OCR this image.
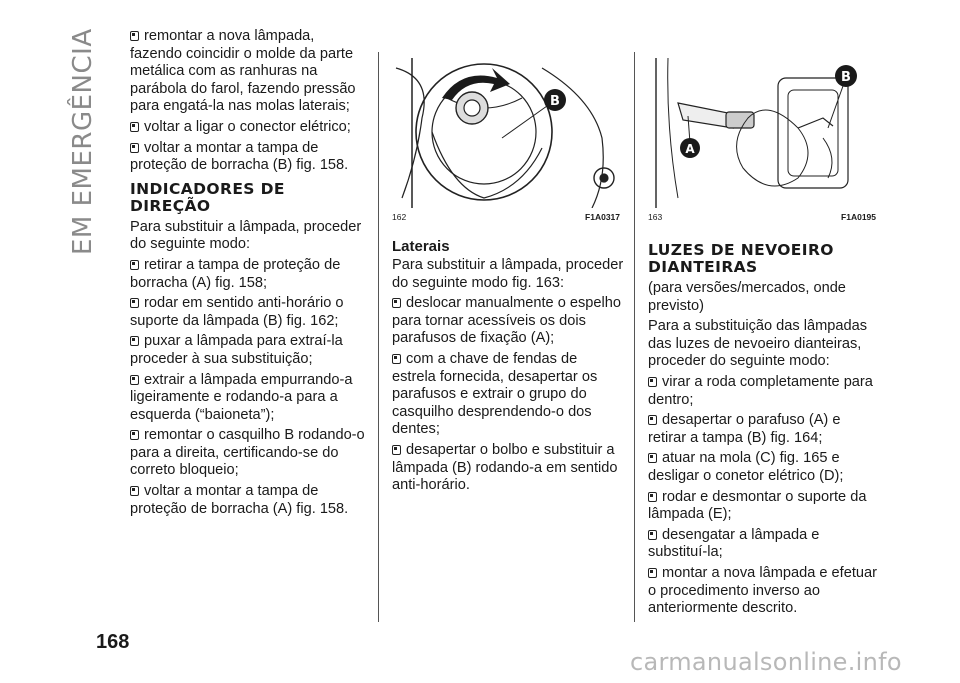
EM EMERGÊNCIA
168

remontar a nova lâmpada, fazendo coincidir o molde da parte metálica com as ranhuras na parábola do farol, fazendo pressão para engatá-la nas molas laterais;

voltar a ligar o conector elétrico;

voltar a montar a tampa de proteção de borracha (B) fig. 158.

INDICADORES DE DIREÇÃO

Para substituir a lâmpada, proceder do seguinte modo:

retirar a tampa de proteção de borracha (A) fig. 158;

rodar em sentido anti-horário o suporte da lâmpada (B) fig. 162;

puxar a lâmpada para extraí-la proceder à sua substituição;

extrair a lâmpada empurrando-a ligeiramente e rodando-a para a esquerda (“baioneta”);

remontar o casquilho B rodando-o para a direita, certificando-se do correto bloqueio;

voltar a montar a tampa de proteção de borracha (A) fig. 158.

B
162	F1A0317
Laterais

Para substituir a lâmpada, proceder do seguinte modo fig. 163:

deslocar manualmente o espelho para tornar acessíveis os dois parafusos de fixação (A);

com a chave de fendas de estrela fornecida, desapertar os parafusos e extrair o grupo do casquilho desprendendo-o dos dentes;

desapertar o bolbo e substituir a lâmpada (B) rodando-a em sentido anti-horário.

A
B
163	F1A0195
LUZES DE NEVOEIRO DIANTEIRAS

(para versões/mercados, onde previsto)

Para a substituição das lâmpadas das luzes de nevoeiro dianteiras, proceder do seguinte modo:

virar a roda completamente para dentro;

desapertar o parafuso (A) e retirar a tampa (B) fig. 164;

atuar na mola (C) fig. 165 e desligar o conetor elétrico (D);

rodar e desmontar o suporte da lâmpada (E);

desengatar a lâmpada e substituí-la;

montar a nova lâmpada e efetuar o procedimento inverso ao anteriormente descrito.

carmanualsonline.info
